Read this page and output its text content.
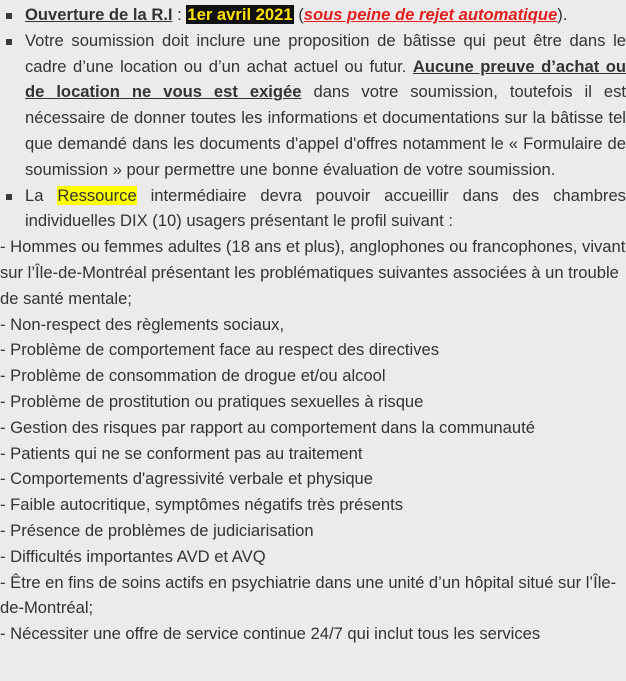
Ouverture de la R.I : 1er avril 2021 (sous peine de rejet automatique).

Votre soumission doit inclure une proposition de bâtisse qui peut être dans le cadre d’une location ou d’un achat actuel ou futur. Aucune preuve d’achat ou de location ne vous est exigée dans votre soumission, toutefois il est nécessaire de donner toutes les informations et documentations sur la bâtisse tel que demandé dans les documents d'appel d'offres notamment le « Formulaire de soumission » pour permettre une bonne évaluation de votre soumission.

La Ressource intermédiaire devra pouvoir accueillir dans des chambres individuelles DIX (10) usagers présentant le profil suivant :

- Hommes ou femmes adultes (18 ans et plus), anglophones ou francophones, vivant sur l’Île-de-Montréal présentant les problématiques suivantes associées à un trouble de santé mentale;
- Non-respect des règlements sociaux,
- Problème de comportement face au respect des directives
- Problème de consommation de drogue et/ou alcool
- Problème de prostitution ou pratiques sexuelles à risque
- Gestion des risques par rapport au comportement dans la communauté
- Patients qui ne se conforment pas au traitement
- Comportements d'agressivité verbale et physique
- Faible autocritique, symptômes négatifs très présents
- Présence de problèmes de judiciarisation
- Difficultés importantes AVD et AVQ
- Être en fins de soins actifs en psychiatrie dans une unité d’un hôpital situé sur l’Île-de-Montréal;
- Nécessiter une offre de service continue 24/7 qui inclut tous les services
